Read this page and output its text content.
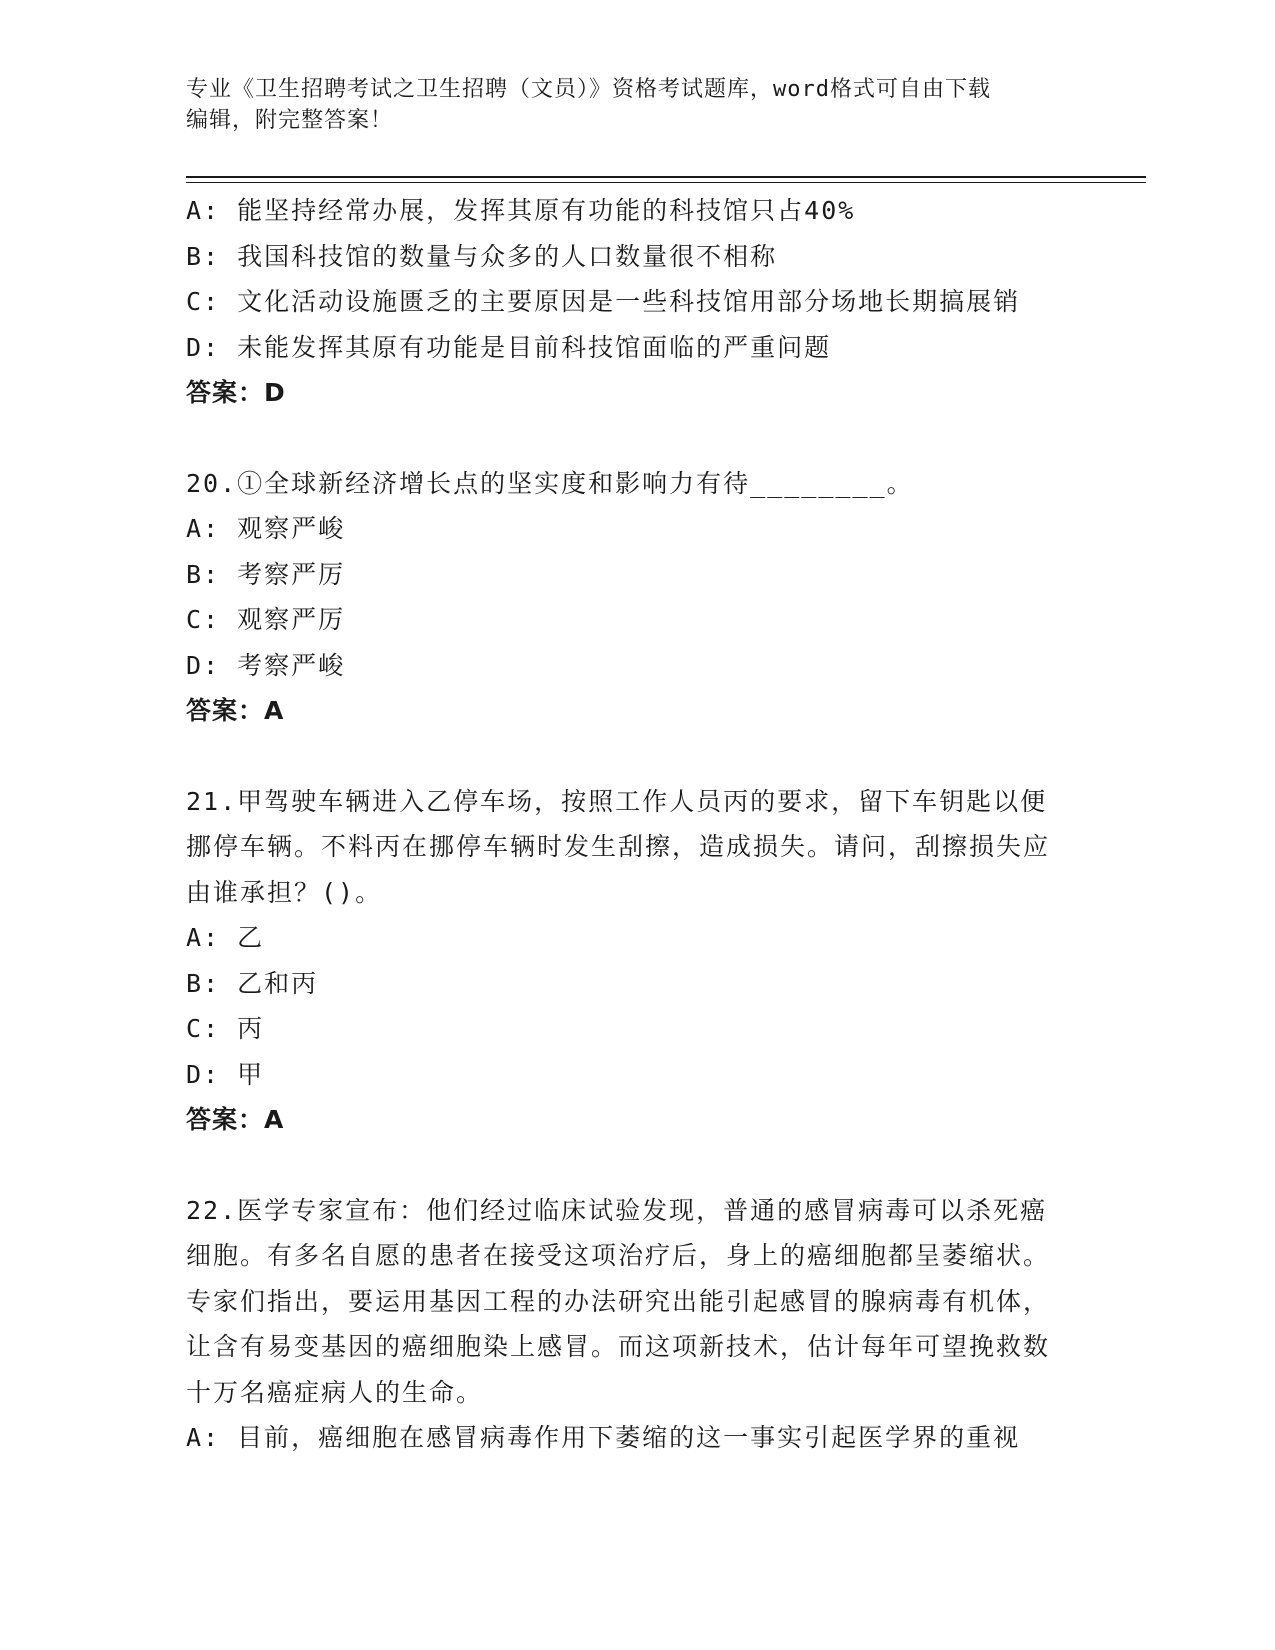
专业《卫生招聘考试之卫生招聘（文员）》资格考试题库，word格式可自由下载
编辑，附完整答案！
A: 能坚持经常办展，发挥其原有功能的科技馆只占40%
B: 我国科技馆的数量与众多的人口数量很不相称
C: 文化活动设施匮乏的主要原因是一些科技馆用部分场地长期搞展销
D: 未能发挥其原有功能是目前科技馆面临的严重问题
答案：D
20.①全球新经济增长点的坚实度和影响力有待________。
A: 观察严峻
B: 考察严厉
C: 观察严厉
D: 考察严峻
答案：A
21.甲驾驶车辆进入乙停车场，按照工作人员丙的要求，留下车钥匙以便挪停车辆。不料丙在挪停车辆时发生刮擦，造成损失。请问，刮擦损失应由谁承担？()。
A: 乙
B: 乙和丙
C: 丙
D: 甲
答案：A
22.医学专家宣布：他们经过临床试验发现，普通的感冒病毒可以杀死癌细胞。有多名自愿的患者在接受这项治疗后，身上的癌细胞都呈萎缩状。专家们指出，要运用基因工程的办法研究出能引起感冒的腺病毒有机体，让含有易变基因的癌细胞染上感冒。而这项新技术，估计每年可望挽救数十万名癌症病人的生命。
A: 目前，癌细胞在感冒病毒作用下萎缩的这一事实引起医学界的重视
